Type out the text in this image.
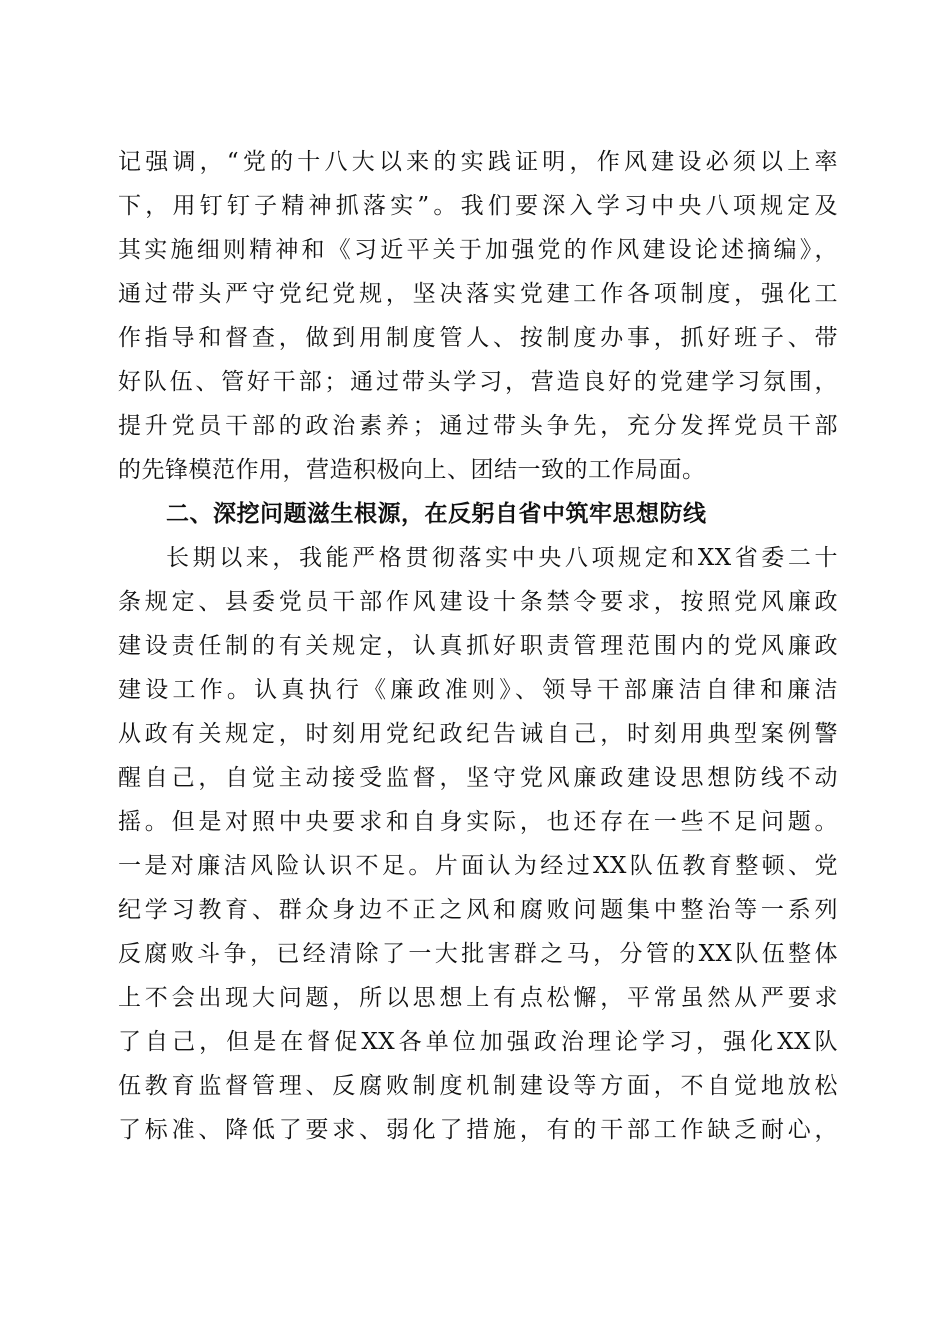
记强调，“党的十八大以来的实践证明，作风建设必须以上率
下，用钉钉子精神抓落实”。我们要深入学习中央八项规定及
其实施细则精神和《习近平关于加强党的作风建设论述摘编》，
通过带头严守党纪党规，坚决落实党建工作各项制度，强化工
作指导和督查，做到用制度管人、按制度办事，抓好班子、带
好队伍、管好干部；通过带头学习，营造良好的党建学习氛围，
提升党员干部的政治素养；通过带头争先，充分发挥党员干部
的先锋模范作用，营造积极向上、团结一致的工作局面。
二、深挖问题滋生根源，在反躬自省中筑牢思想防线
长期以来，我能严格贯彻落实中央八项规定和XX省委二十
条规定、县委党员干部作风建设十条禁令要求，按照党风廉政
建设责任制的有关规定，认真抓好职责管理范围内的党风廉政
建设工作。认真执行《廉政准则》、领导干部廉洁自律和廉洁
从政有关规定，时刻用党纪政纪告诫自己，时刻用典型案例警
醒自己，自觉主动接受监督，坚守党风廉政建设思想防线不动
摇。但是对照中央要求和自身实际，也还存在一些不足问题。
一是对廉洁风险认识不足。片面认为经过XX队伍教育整顿、党
纪学习教育、群众身边不正之风和腐败问题集中整治等一系列
反腐败斗争，已经清除了一大批害群之马，分管的XX队伍整体
上不会出现大问题，所以思想上有点松懈，平常虽然从严要求
了自己，但是在督促XX各单位加强政治理论学习，强化XX队
伍教育监督管理、反腐败制度机制建设等方面，不自觉地放松
了标准、降低了要求、弱化了措施，有的干部工作缺乏耐心，
